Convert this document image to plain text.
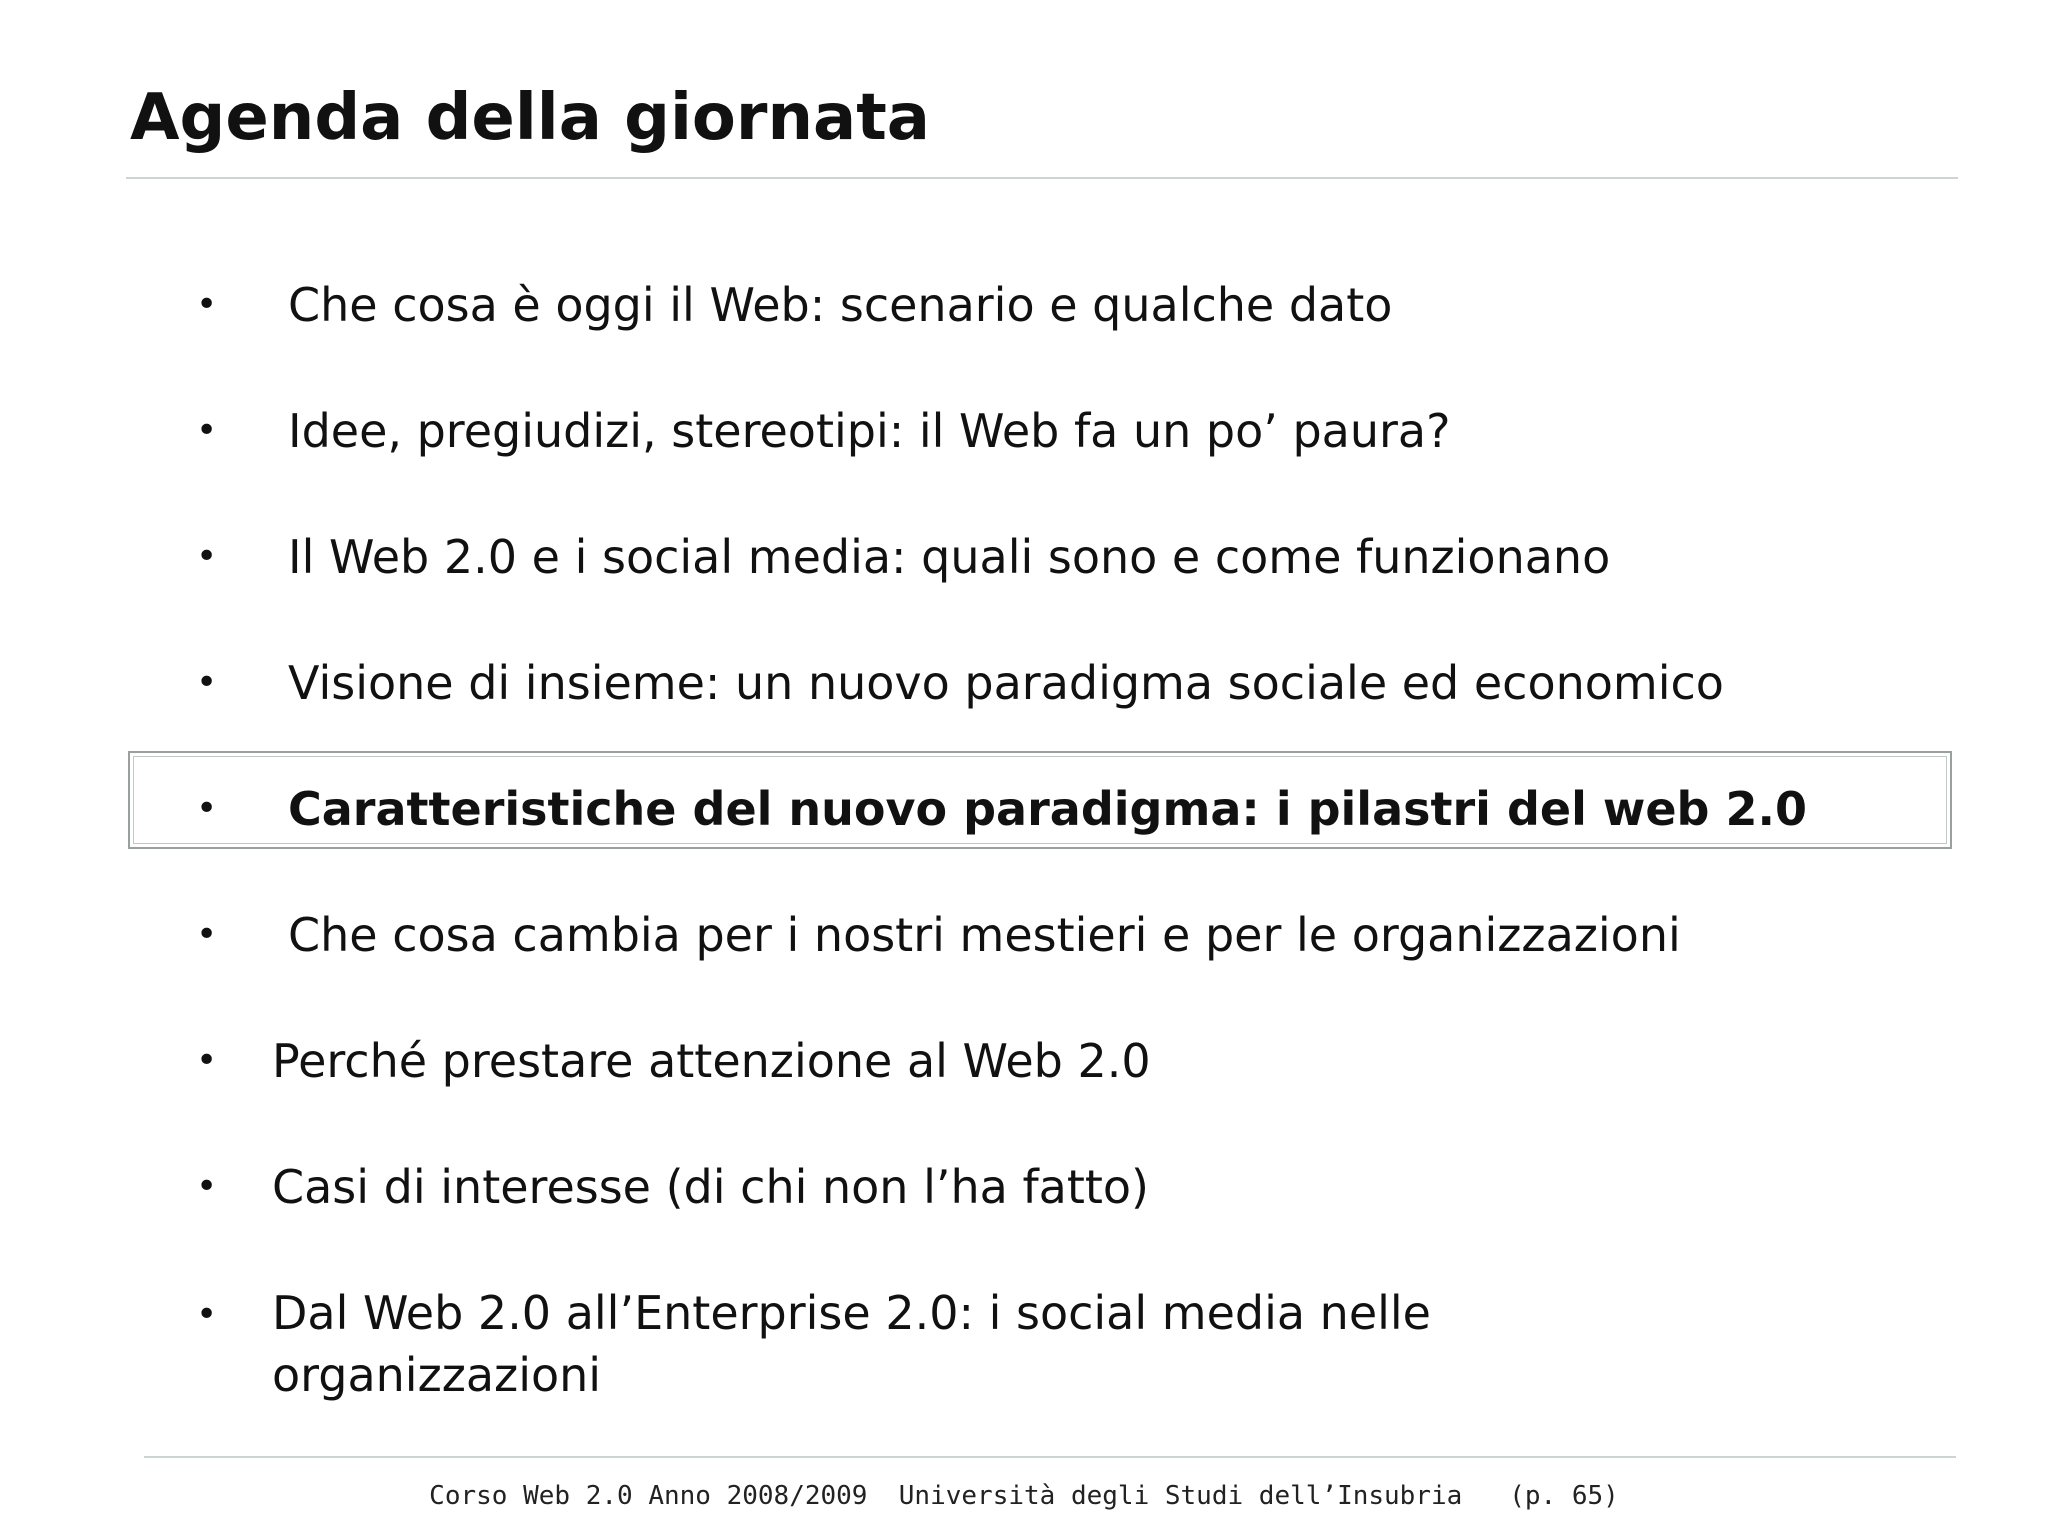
Agenda della giornata
• Che cosa è oggi il Web: scenario e qualche dato
• Idee, pregiudizi, stereotipi: il Web fa un po’ paura?
• Il Web 2.0 e i social media: quali sono e come funzionano
• Visione di insieme: un nuovo paradigma sociale ed economico
• Caratteristiche del nuovo paradigma: i pilastri del web 2.0
• Che cosa cambia per i nostri mestieri e per le organizzazioni
• Perché prestare attenzione al Web 2.0
• Casi di interesse (di chi non l’ha fatto)
• Dal Web 2.0 all’Enterprise 2.0: i social media nelle organizzazioni
Corso Web 2.0 Anno 2008/2009  Università degli Studi dell’Insubria   (p. 65)
